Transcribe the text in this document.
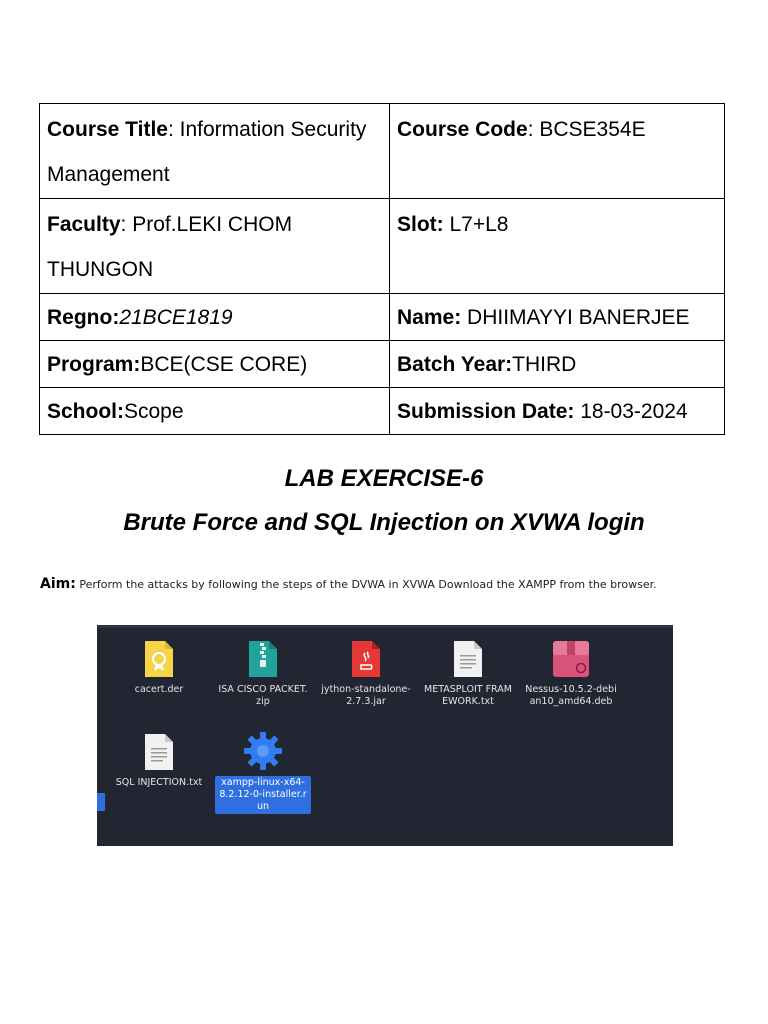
Course Title: Information Security Management	Course Code: BCSE354E
Faculty: Prof.LEKI CHOM THUNGON	Slot: L7+L8
Regno:21BCE1819	Name: DHIIMAYYI BANERJEE
Program:BCE(CSE CORE)	Batch Year:THIRD
School:Scope	Submission Date: 18-03-2024
LAB EXERCISE-6
Brute Force and SQL Injection on XVWA login
Aim: Perform the attacks by following the steps of the DVWA in XVWA Download the XAMPP from the browser.
cacert.der	ISA CISCO PACKET.zip
jython-standalone-2.7.3.jar
METASPLOIT FRAMEWORK.txt
Nessus-10.5.2-debian10_amd64.deb
SQL INJECTION.txt	xampp-linux-x64-8.2.12-0-installer.run
